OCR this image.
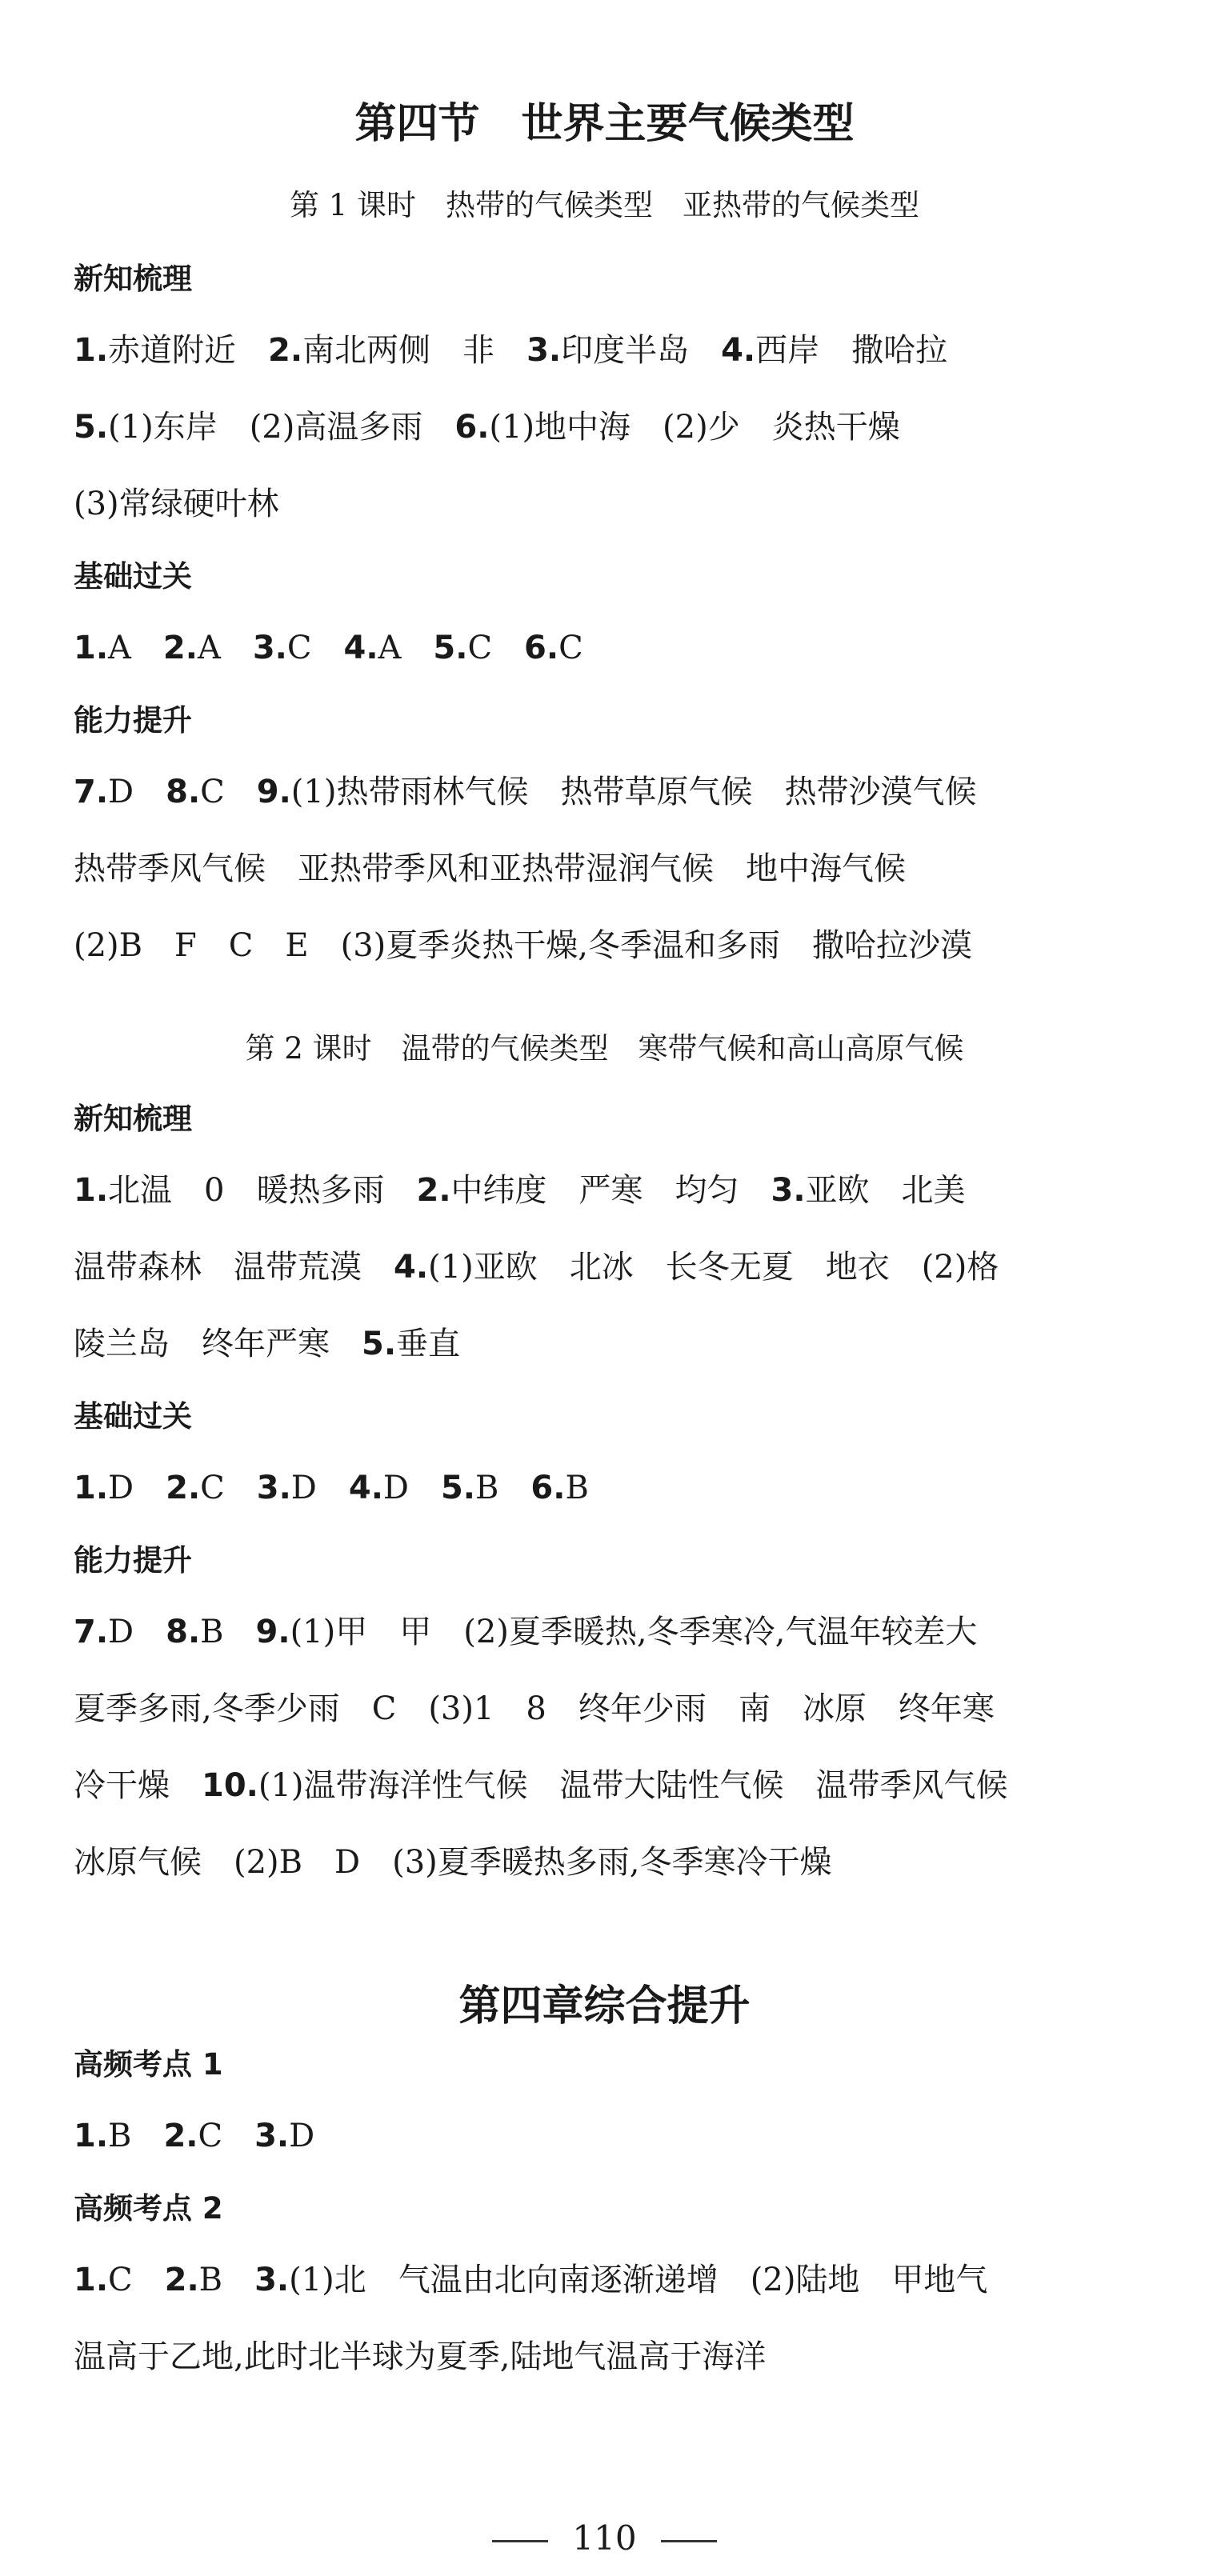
第四节　世界主要气候类型
第 1 课时　热带的气候类型　亚热带的气候类型
新知梳理
1.赤道附近　2.南北两侧　非　3.印度半岛　4.西岸　撒哈拉
5.(1)东岸　(2)高温多雨　6.(1)地中海　(2)少　炎热干燥
(3)常绿硬叶林
基础过关
1.A　2.A　3.C　4.A　5.C　6.C
能力提升
7.D　8.C　9.(1)热带雨林气候　热带草原气候　热带沙漠气候
热带季风气候　亚热带季风和亚热带湿润气候　地中海气候
(2)B　F　C　E　(3)夏季炎热干燥,冬季温和多雨　撒哈拉沙漠
第 2 课时　温带的气候类型　寒带气候和高山高原气候
新知梳理
1.北温　0　暖热多雨　2.中纬度　严寒　均匀　3.亚欧　北美
温带森林　温带荒漠　4.(1)亚欧　北冰　长冬无夏　地衣　(2)格
陵兰岛　终年严寒　5.垂直
基础过关
1.D　2.C　3.D　4.D　5.B　6.B
能力提升
7.D　8.B　9.(1)甲　甲　(2)夏季暖热,冬季寒冷,气温年较差大
夏季多雨,冬季少雨　C　(3)1　8　终年少雨　南　冰原　终年寒
冷干燥　10.(1)温带海洋性气候　温带大陆性气候　温带季风气候
冰原气候　(2)B　D　(3)夏季暖热多雨,冬季寒冷干燥
第四章综合提升
高频考点 1
1.B　2.C　3.D
高频考点 2
1.C　2.B　3.(1)北　气温由北向南逐渐递增　(2)陆地　甲地气
温高于乙地,此时北半球为夏季,陆地气温高于海洋
110
